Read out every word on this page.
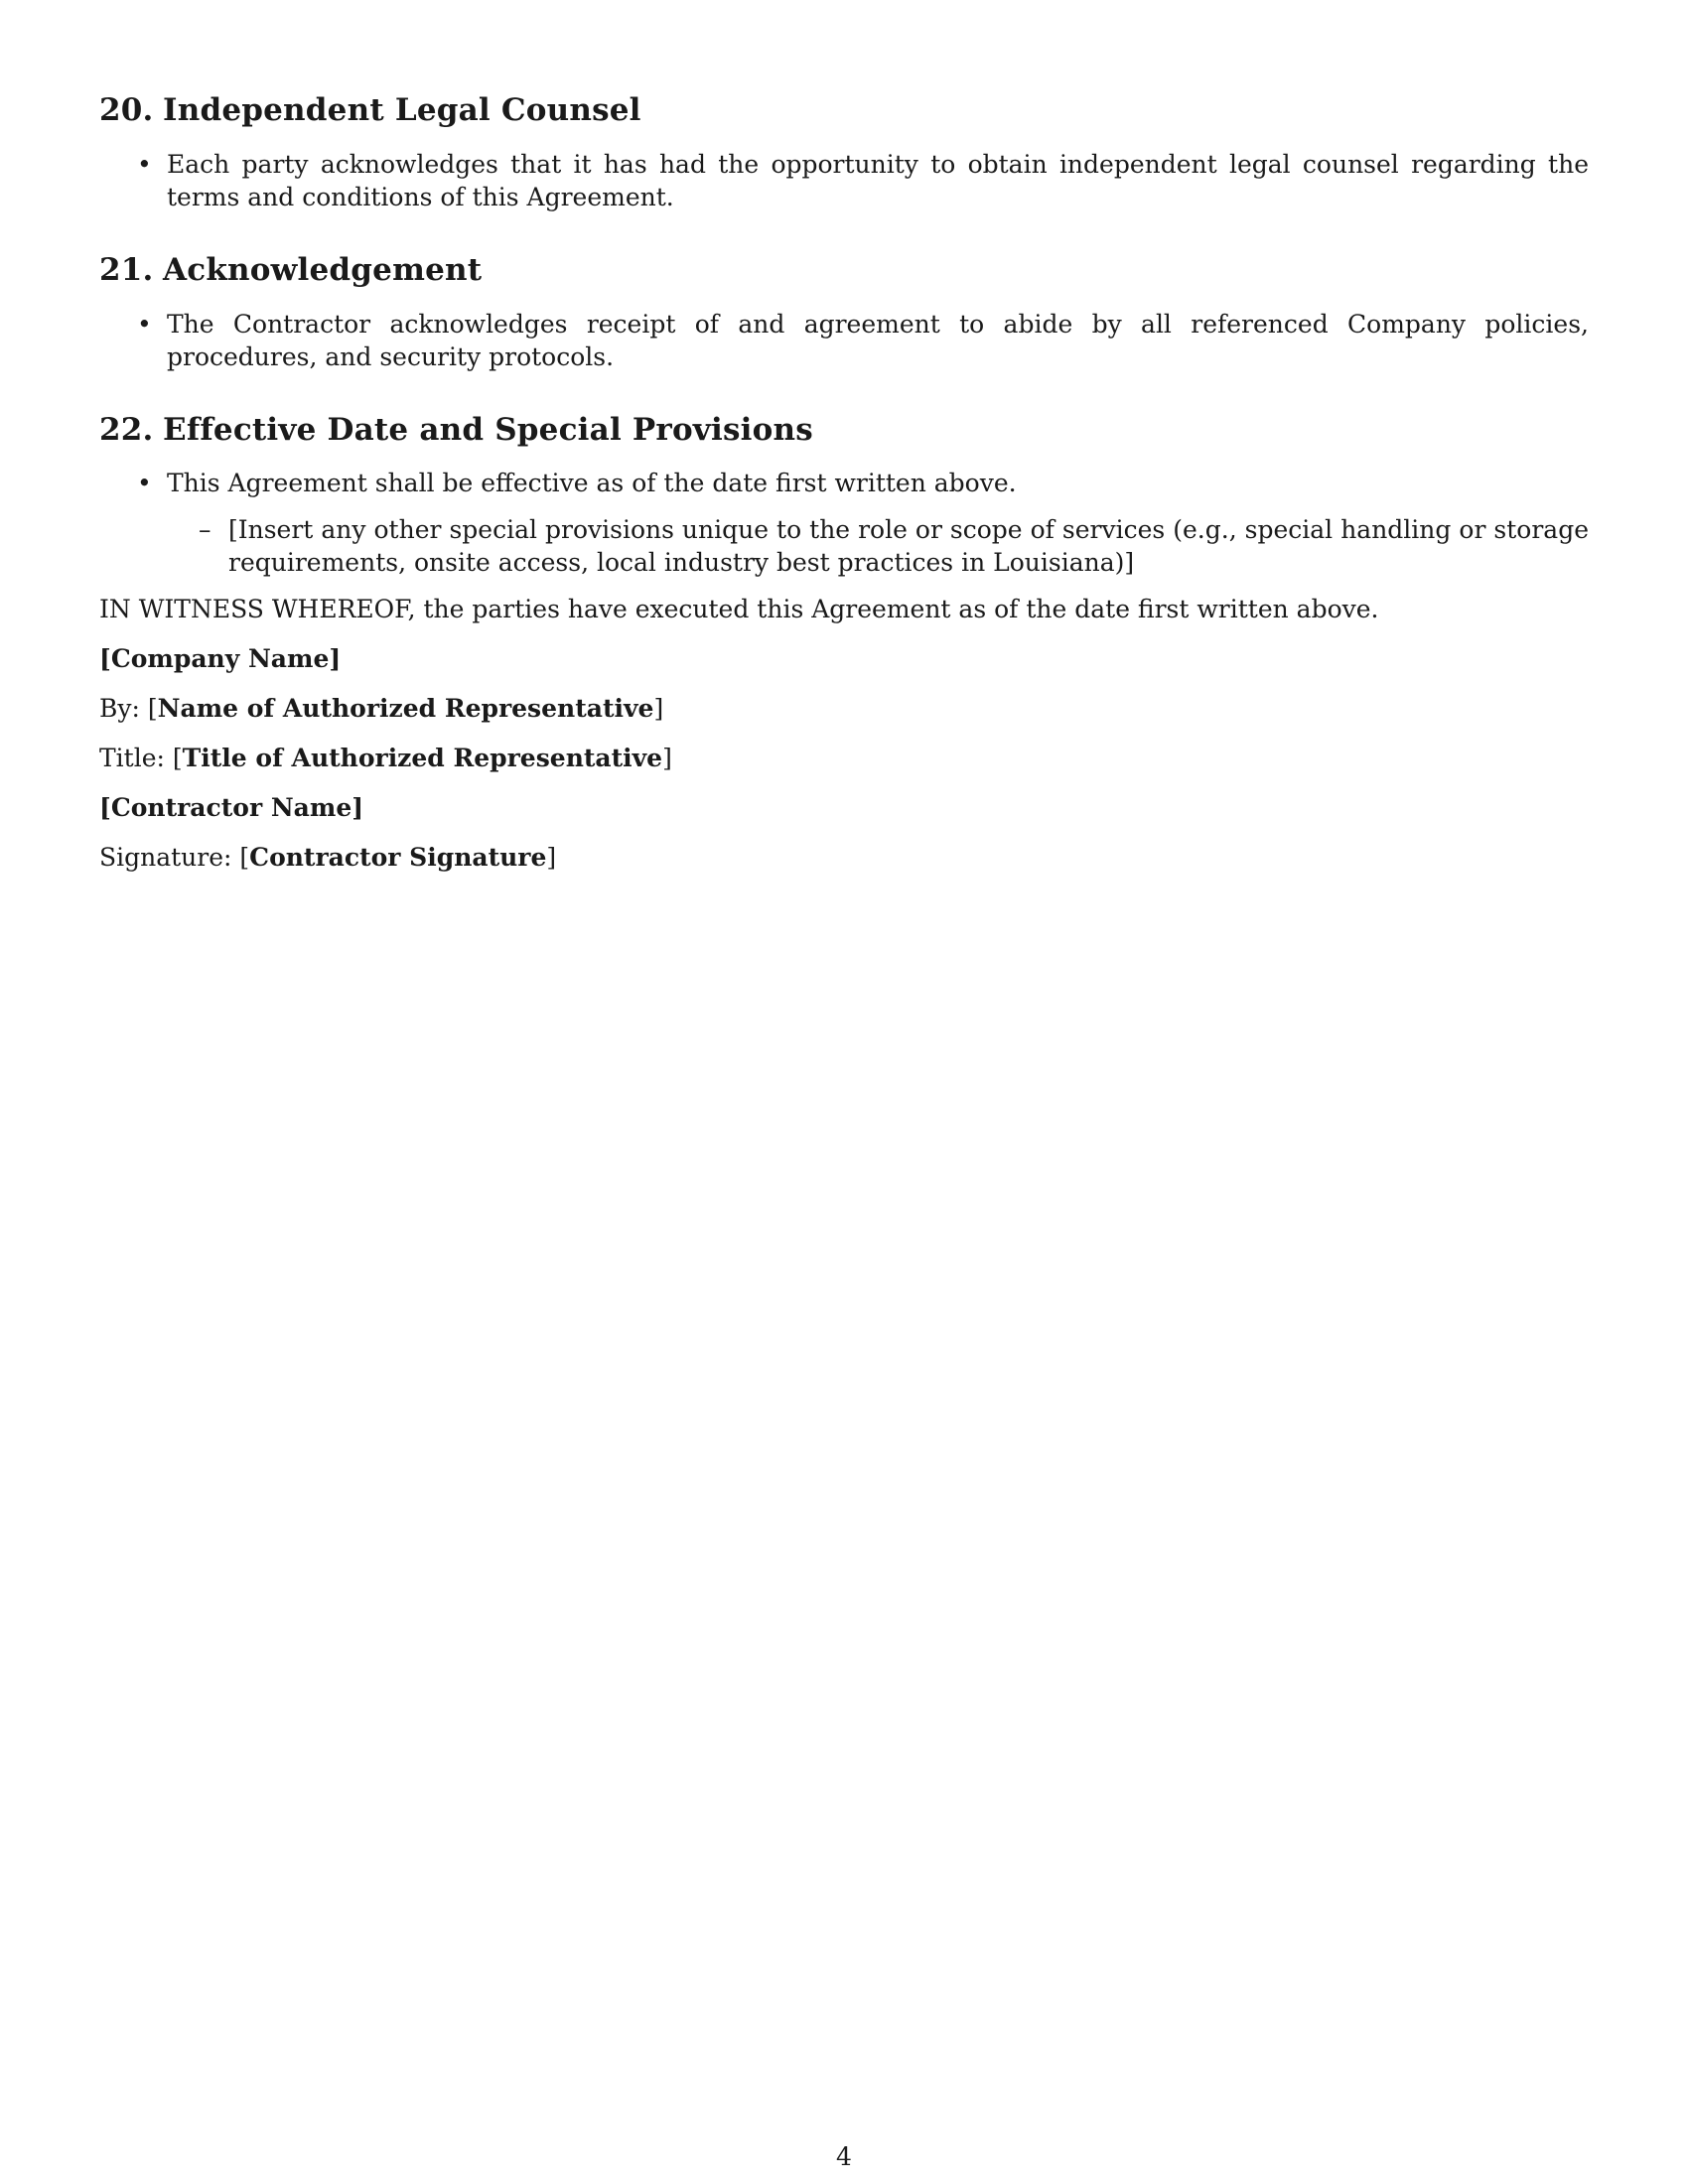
20. Independent Legal Counsel
• Each party acknowledges that it has had the opportunity to obtain independent legal counsel regarding the terms and conditions of this Agreement.
21. Acknowledgement
• The Contractor acknowledges receipt of and agreement to abide by all referenced Company policies, procedures, and security protocols.
22. Effective Date and Special Provisions
• This Agreement shall be effective as of the date first written above.
– [Insert any other special provisions unique to the role or scope of services (e.g., special handling or storage requirements, onsite access, local industry best practices in Louisiana)]

IN WITNESS WHEREOF, the parties have executed this Agreement as of the date first written above.

[Company Name]

By: [Name of Authorized Representative]

Title: [Title of Authorized Representative]

[Contractor Name]

Signature: [Contractor Signature]

4
